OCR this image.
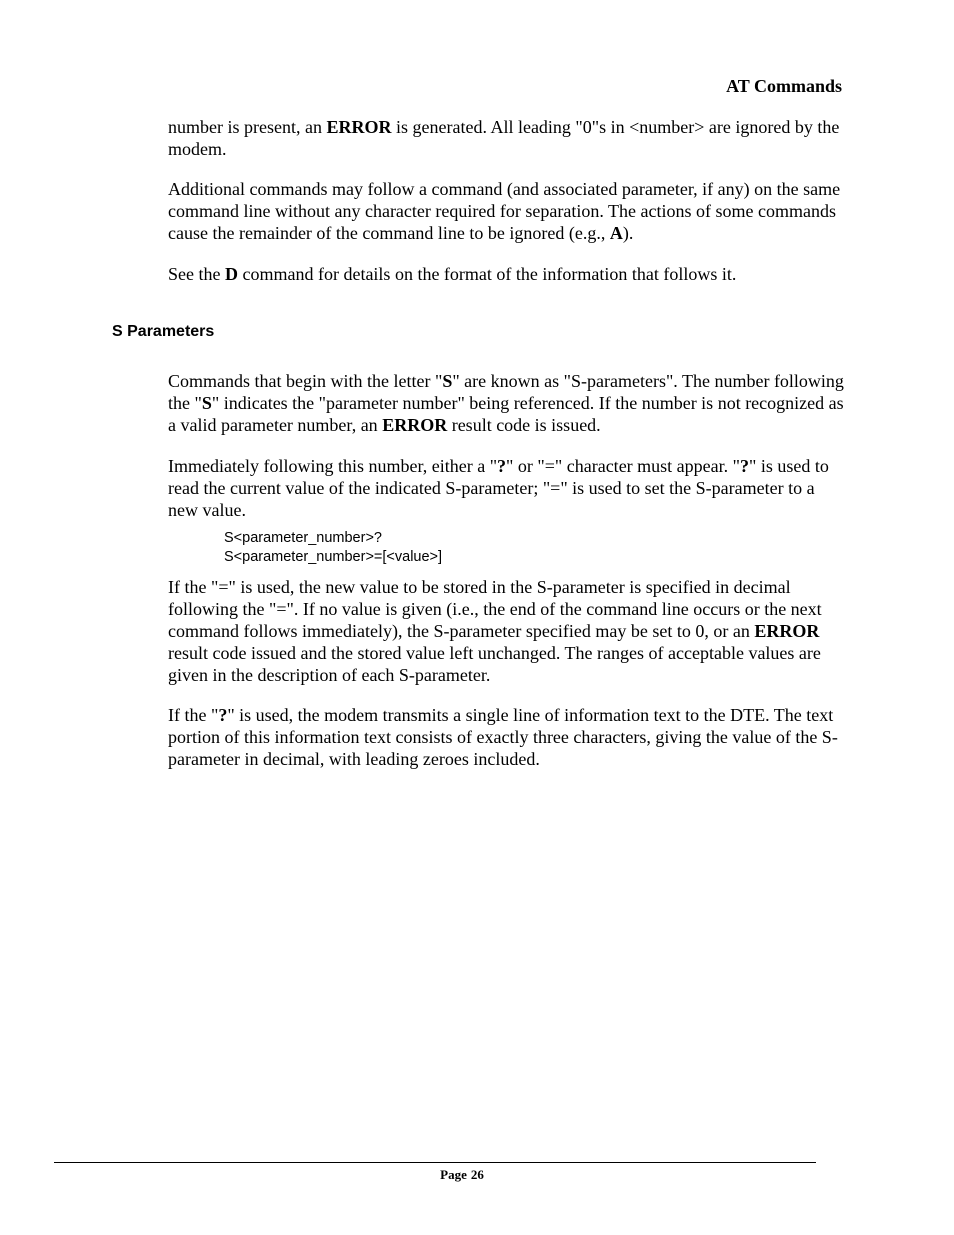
AT Commands

number is present, an ERROR is generated. All leading "0"s in <number> are ignored by the modem.

Additional commands may follow a command (and associated parameter, if any) on the same command line without any character required for separation. The actions of some commands cause the remainder of the command line to be ignored (e.g., A).

See the D command for details on the format of the information that follows it.

S Parameters

Commands that begin with the letter "S" are known as "S-parameters". The number following the "S" indicates the "parameter number" being referenced. If the number is not recognized as a valid parameter number, an ERROR result code is issued.

Immediately following this number, either a "?" or "=" character must appear. "?" is used to read the current value of the indicated S-parameter; "=" is used to set the S-parameter to a new value.

S<parameter_number>?
S<parameter_number>=[<value>]

If the "=" is used, the new value to be stored in the S-parameter is specified in decimal following the "=". If no value is given (i.e., the end of the command line occurs or the next command follows immediately), the S-parameter specified may be set to 0, or an ERROR result code issued and the stored value left unchanged. The ranges of acceptable values are given in the description of each S-parameter.

If the "?" is used, the modem transmits a single line of information text to the DTE. The text portion of this information text consists of exactly three characters, giving the value of the S-parameter in decimal, with leading zeroes included.

Page 26
